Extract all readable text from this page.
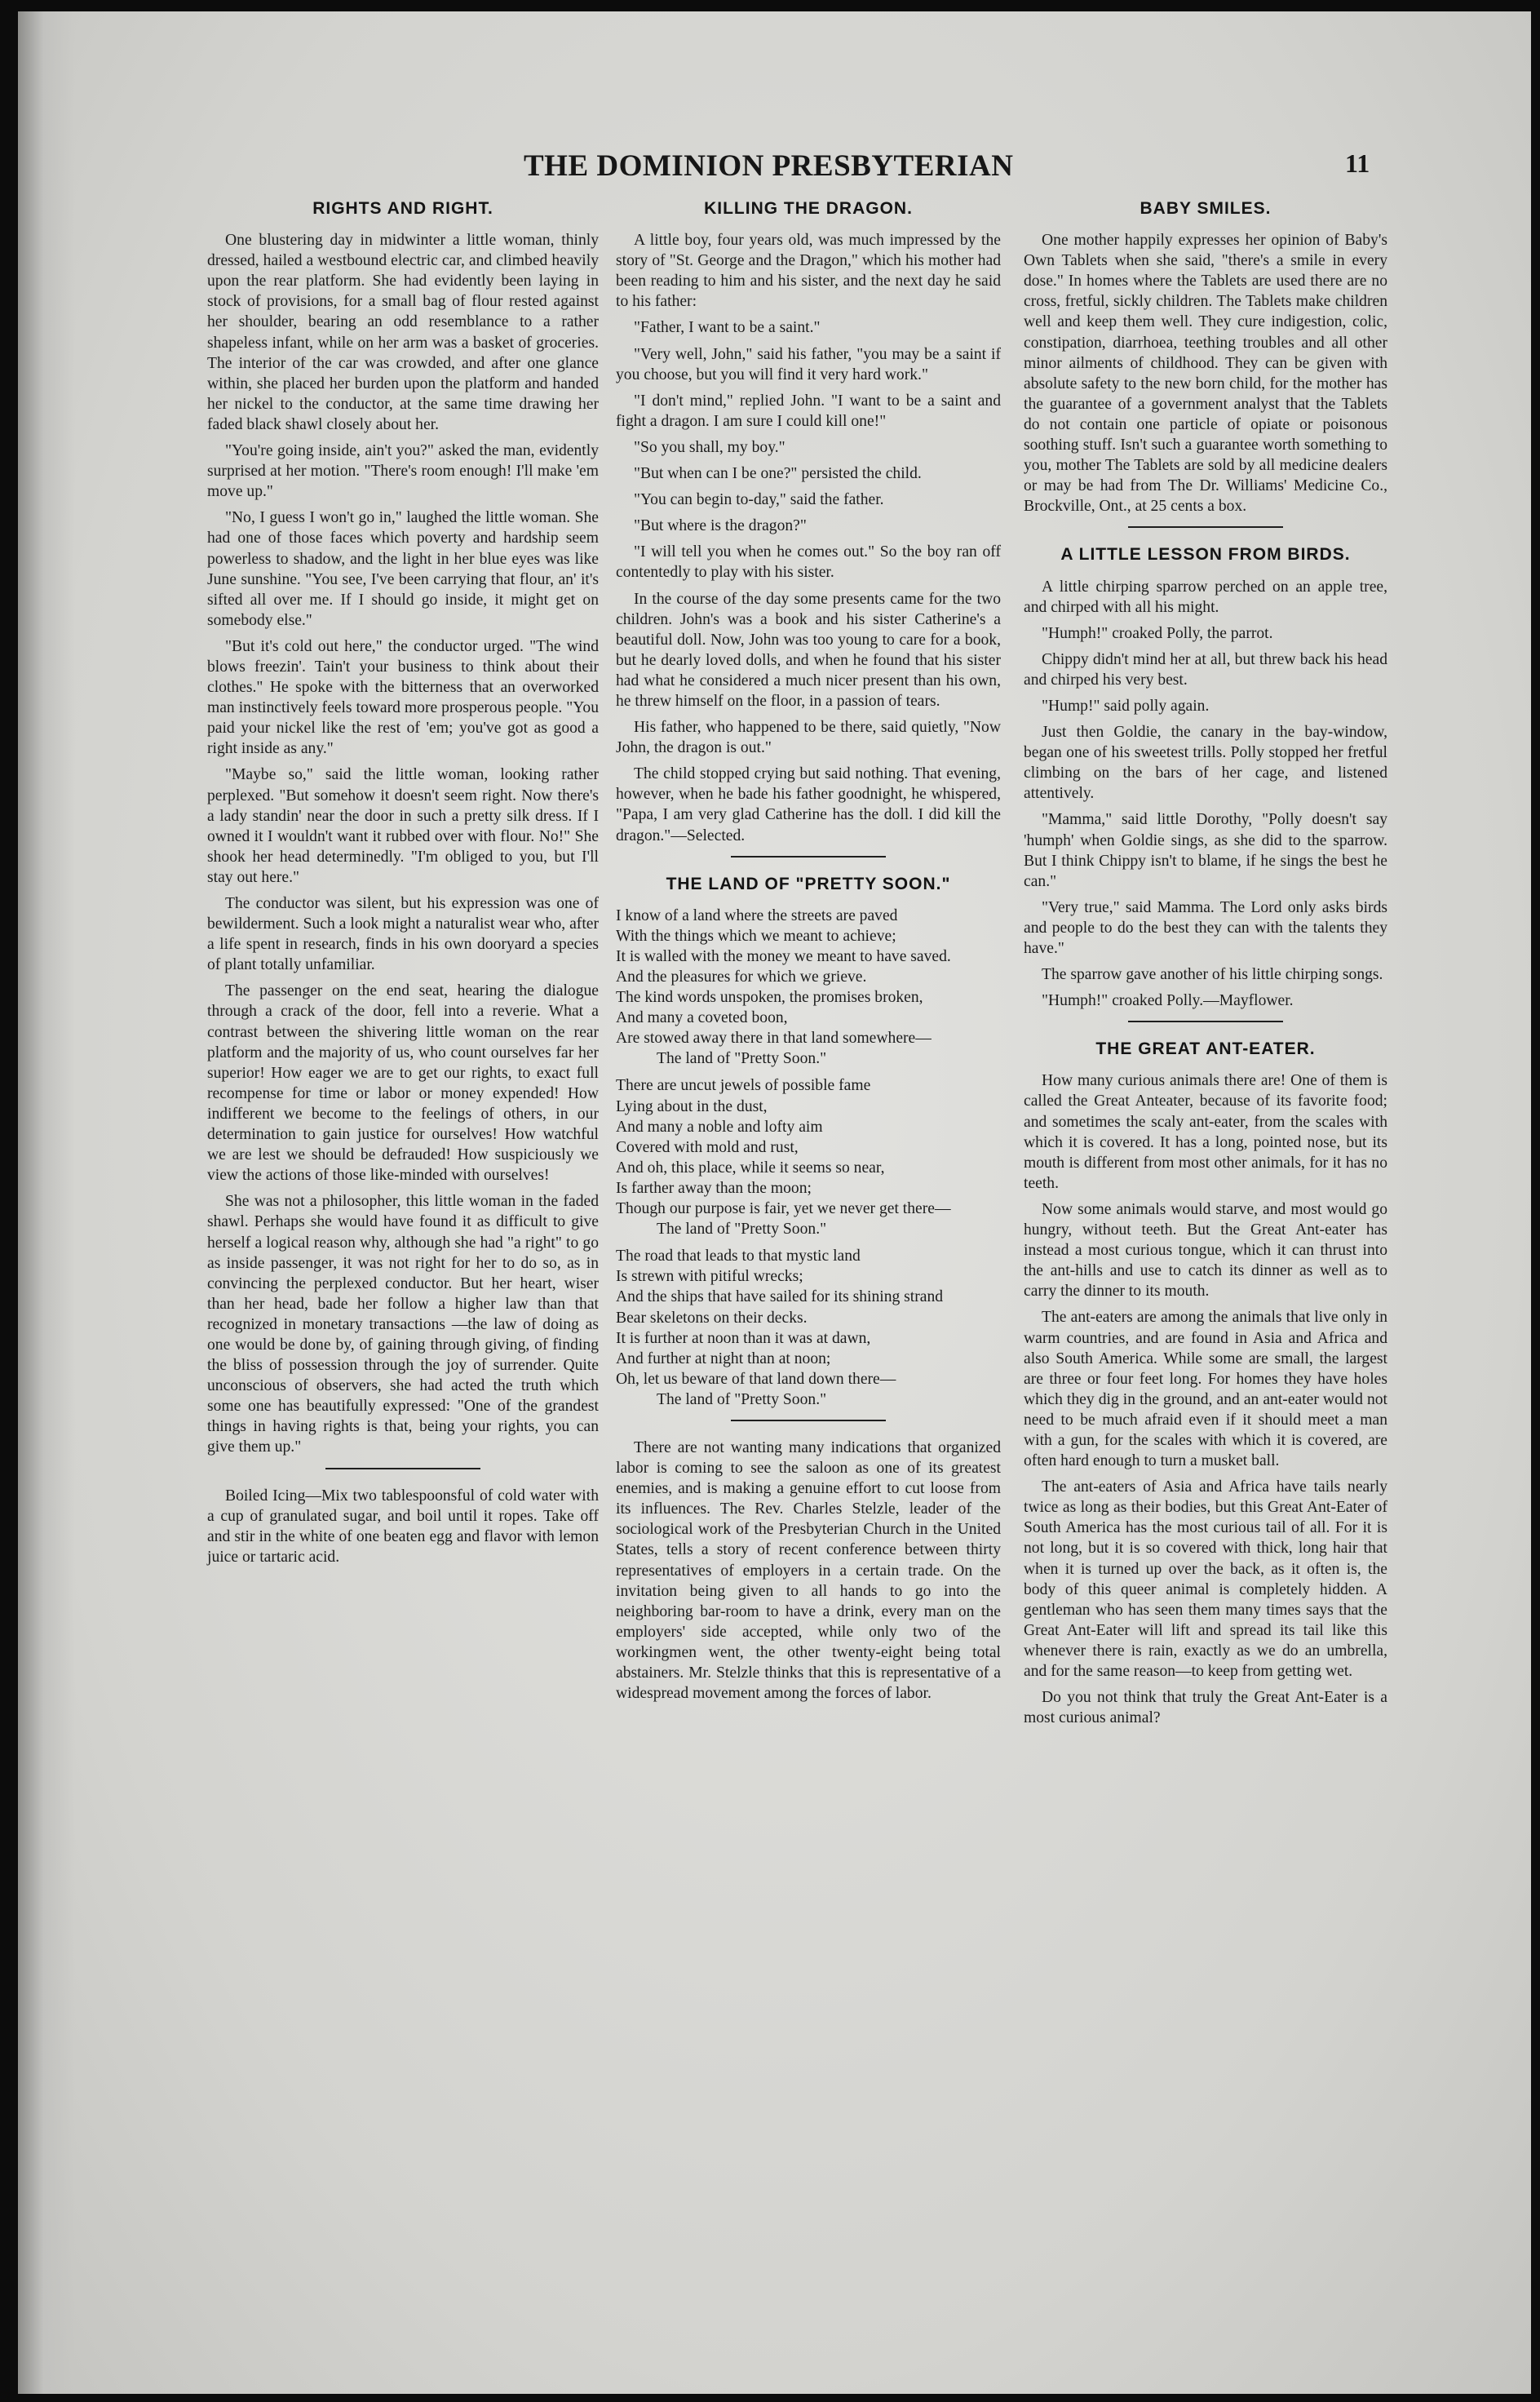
THE DOMINION PRESBYTERIAN	11
RIGHTS AND RIGHT.

One blustering day in midwinter a little woman, thinly dressed, hailed a westbound electric car, and climbed heavily upon the rear platform. She had evidently been laying in stock of provisions, for a small bag of flour rested against her shoulder, bearing an odd resemblance to a rather shapeless infant, while on her arm was a basket of groceries. The interior of the car was crowded, and after one glance within, she placed her burden upon the platform and handed her nickel to the conductor, at the same time drawing her faded black shawl closely about her.

"You're going inside, ain't you?" asked the man, evidently surprised at her motion. "There's room enough! I'll make 'em move up."

"No, I guess I won't go in," laughed the little woman. She had one of those faces which poverty and hardship seem powerless to shadow, and the light in her blue eyes was like June sunshine. "You see, I've been carrying that flour, an' it's sifted all over me. If I should go inside, it might get on somebody else."

"But it's cold out here," the conductor urged. "The wind blows freezin'. Tain't your business to think about their clothes." He spoke with the bitterness that an overworked man instinctively feels toward more prosperous people. "You paid your nickel like the rest of 'em; you've got as good a right inside as any."

"Maybe so," said the little woman, looking rather perplexed. "But somehow it doesn't seem right. Now there's a lady standin' near the door in such a pretty silk dress. If I owned it I wouldn't want it rubbed over with flour. No!" She shook her head determinedly. "I'm obliged to you, but I'll stay out here."

The conductor was silent, but his expression was one of bewilderment. Such a look might a naturalist wear who, after a life spent in research, finds in his own dooryard a species of plant totally unfamiliar.

The passenger on the end seat, hearing the dialogue through a crack of the door, fell into a reverie. What a contrast between the shivering little woman on the rear platform and the majority of us, who count ourselves far her superior! How eager we are to get our rights, to exact full recompense for time or labor or money expended! How indifferent we become to the feelings of others, in our determination to gain justice for ourselves! How watchful we are lest we should be defrauded! How suspiciously we view the actions of those like-minded with ourselves!

She was not a philosopher, this little woman in the faded shawl. Perhaps she would have found it as difficult to give herself a logical reason why, although she had "a right" to go as inside passenger, it was not right for her to do so, as in convincing the perplexed conductor. But her heart, wiser than her head, bade her follow a higher law than that recognized in monetary transactions —the law of doing as one would be done by, of gaining through giving, of finding the bliss of possession through the joy of surrender. Quite unconscious of observers, she had acted the truth which some one has beautifully expressed: "One of the grandest things in having rights is that, being your rights, you can give them up."

Boiled Icing—Mix two tablespoonsful of cold water with a cup of granulated sugar, and boil until it ropes. Take off and stir in the white of one beaten egg and flavor with lemon juice or tartaric acid.

KILLING THE DRAGON.

A little boy, four years old, was much impressed by the story of "St. George and the Dragon," which his mother had been reading to him and his sister, and the next day he said to his father:

"Father, I want to be a saint."

"Very well, John," said his father, "you may be a saint if you choose, but you will find it very hard work."

"I don't mind," replied John. "I want to be a saint and fight a dragon. I am sure I could kill one!"

"So you shall, my boy."

"But when can I be one?" persisted the child.

"You can begin to-day," said the father.

"But where is the dragon?"

"I will tell you when he comes out." So the boy ran off contentedly to play with his sister.

In the course of the day some presents came for the two children. John's was a book and his sister Catherine's a beautiful doll. Now, John was too young to care for a book, but he dearly loved dolls, and when he found that his sister had what he considered a much nicer present than his own, he threw himself on the floor, in a passion of tears.

His father, who happened to be there, said quietly, "Now John, the dragon is out."

The child stopped crying but said nothing. That evening, however, when he bade his father goodnight, he whispered, "Papa, I am very glad Catherine has the doll. I did kill the dragon."—Selected.

THE LAND OF "PRETTY SOON."

I know of a land where the streets are paved

With the things which we meant to achieve;

It is walled with the money we meant to have saved.

And the pleasures for which we grieve.

The kind words unspoken, the promises broken,

And many a coveted boon,

Are stowed away there in that land somewhere—

The land of "Pretty Soon."

There are uncut jewels of possible fame

Lying about in the dust,

And many a noble and lofty aim

Covered with mold and rust,

And oh, this place, while it seems so near,

Is farther away than the moon;

Though our purpose is fair, yet we never get there—

The land of "Pretty Soon."

The road that leads to that mystic land

Is strewn with pitiful wrecks;

And the ships that have sailed for its shining strand

Bear skeletons on their decks.

It is further at noon than it was at dawn,

And further at night than at noon;

Oh, let us beware of that land down there—

The land of "Pretty Soon."

There are not wanting many indications that organized labor is coming to see the saloon as one of its greatest enemies, and is making a genuine effort to cut loose from its influences. The Rev. Charles Stelzle, leader of the sociological work of the Presbyterian Church in the United States, tells a story of recent conference between thirty representatives of employers in a certain trade. On the invitation being given to all hands to go into the neighboring bar-room to have a drink, every man on the employers' side accepted, while only two of the workingmen went, the other twenty-eight being total abstainers. Mr. Stelzle thinks that this is representative of a widespread movement among the forces of labor.

BABY SMILES.

One mother happily expresses her opinion of Baby's Own Tablets when she said, "there's a smile in every dose." In homes where the Tablets are used there are no cross, fretful, sickly children. The Tablets make children well and keep them well. They cure indigestion, colic, constipation, diarrhoea, teething troubles and all other minor ailments of childhood. They can be given with absolute safety to the new born child, for the mother has the guarantee of a government analyst that the Tablets do not contain one particle of opiate or poisonous soothing stuff. Isn't such a guarantee worth something to you, mother The Tablets are sold by all medicine dealers or may be had from The Dr. Williams' Medicine Co., Brockville, Ont., at 25 cents a box.

A LITTLE LESSON FROM BIRDS.

A little chirping sparrow perched on an apple tree, and chirped with all his might.

"Humph!" croaked Polly, the parrot.

Chippy didn't mind her at all, but threw back his head and chirped his very best.

"Hump!" said polly again.

Just then Goldie, the canary in the bay-window, began one of his sweetest trills. Polly stopped her fretful climbing on the bars of her cage, and listened attentively.

"Mamma," said little Dorothy, "Polly doesn't say 'humph' when Goldie sings, as she did to the sparrow. But I think Chippy isn't to blame, if he sings the best he can."

"Very true," said Mamma. The Lord only asks birds and people to do the best they can with the talents they have."

The sparrow gave another of his little chirping songs.

"Humph!" croaked Polly.—Mayflower.

THE GREAT ANT-EATER.

How many curious animals there are! One of them is called the Great Anteater, because of its favorite food; and sometimes the scaly ant-eater, from the scales with which it is covered. It has a long, pointed nose, but its mouth is different from most other animals, for it has no teeth.

Now some animals would starve, and most would go hungry, without teeth. But the Great Ant-eater has instead a most curious tongue, which it can thrust into the ant-hills and use to catch its dinner as well as to carry the dinner to its mouth.

The ant-eaters are among the animals that live only in warm countries, and are found in Asia and Africa and also South America. While some are small, the largest are three or four feet long. For homes they have holes which they dig in the ground, and an ant-eater would not need to be much afraid even if it should meet a man with a gun, for the scales with which it is covered, are often hard enough to turn a musket ball.

The ant-eaters of Asia and Africa have tails nearly twice as long as their bodies, but this Great Ant-Eater of South America has the most curious tail of all. For it is not long, but it is so covered with thick, long hair that when it is turned up over the back, as it often is, the body of this queer animal is completely hidden. A gentleman who has seen them many times says that the Great Ant-Eater will lift and spread its tail like this whenever there is rain, exactly as we do an umbrella, and for the same reason—to keep from getting wet.

Do you not think that truly the Great Ant-Eater is a most curious animal?
